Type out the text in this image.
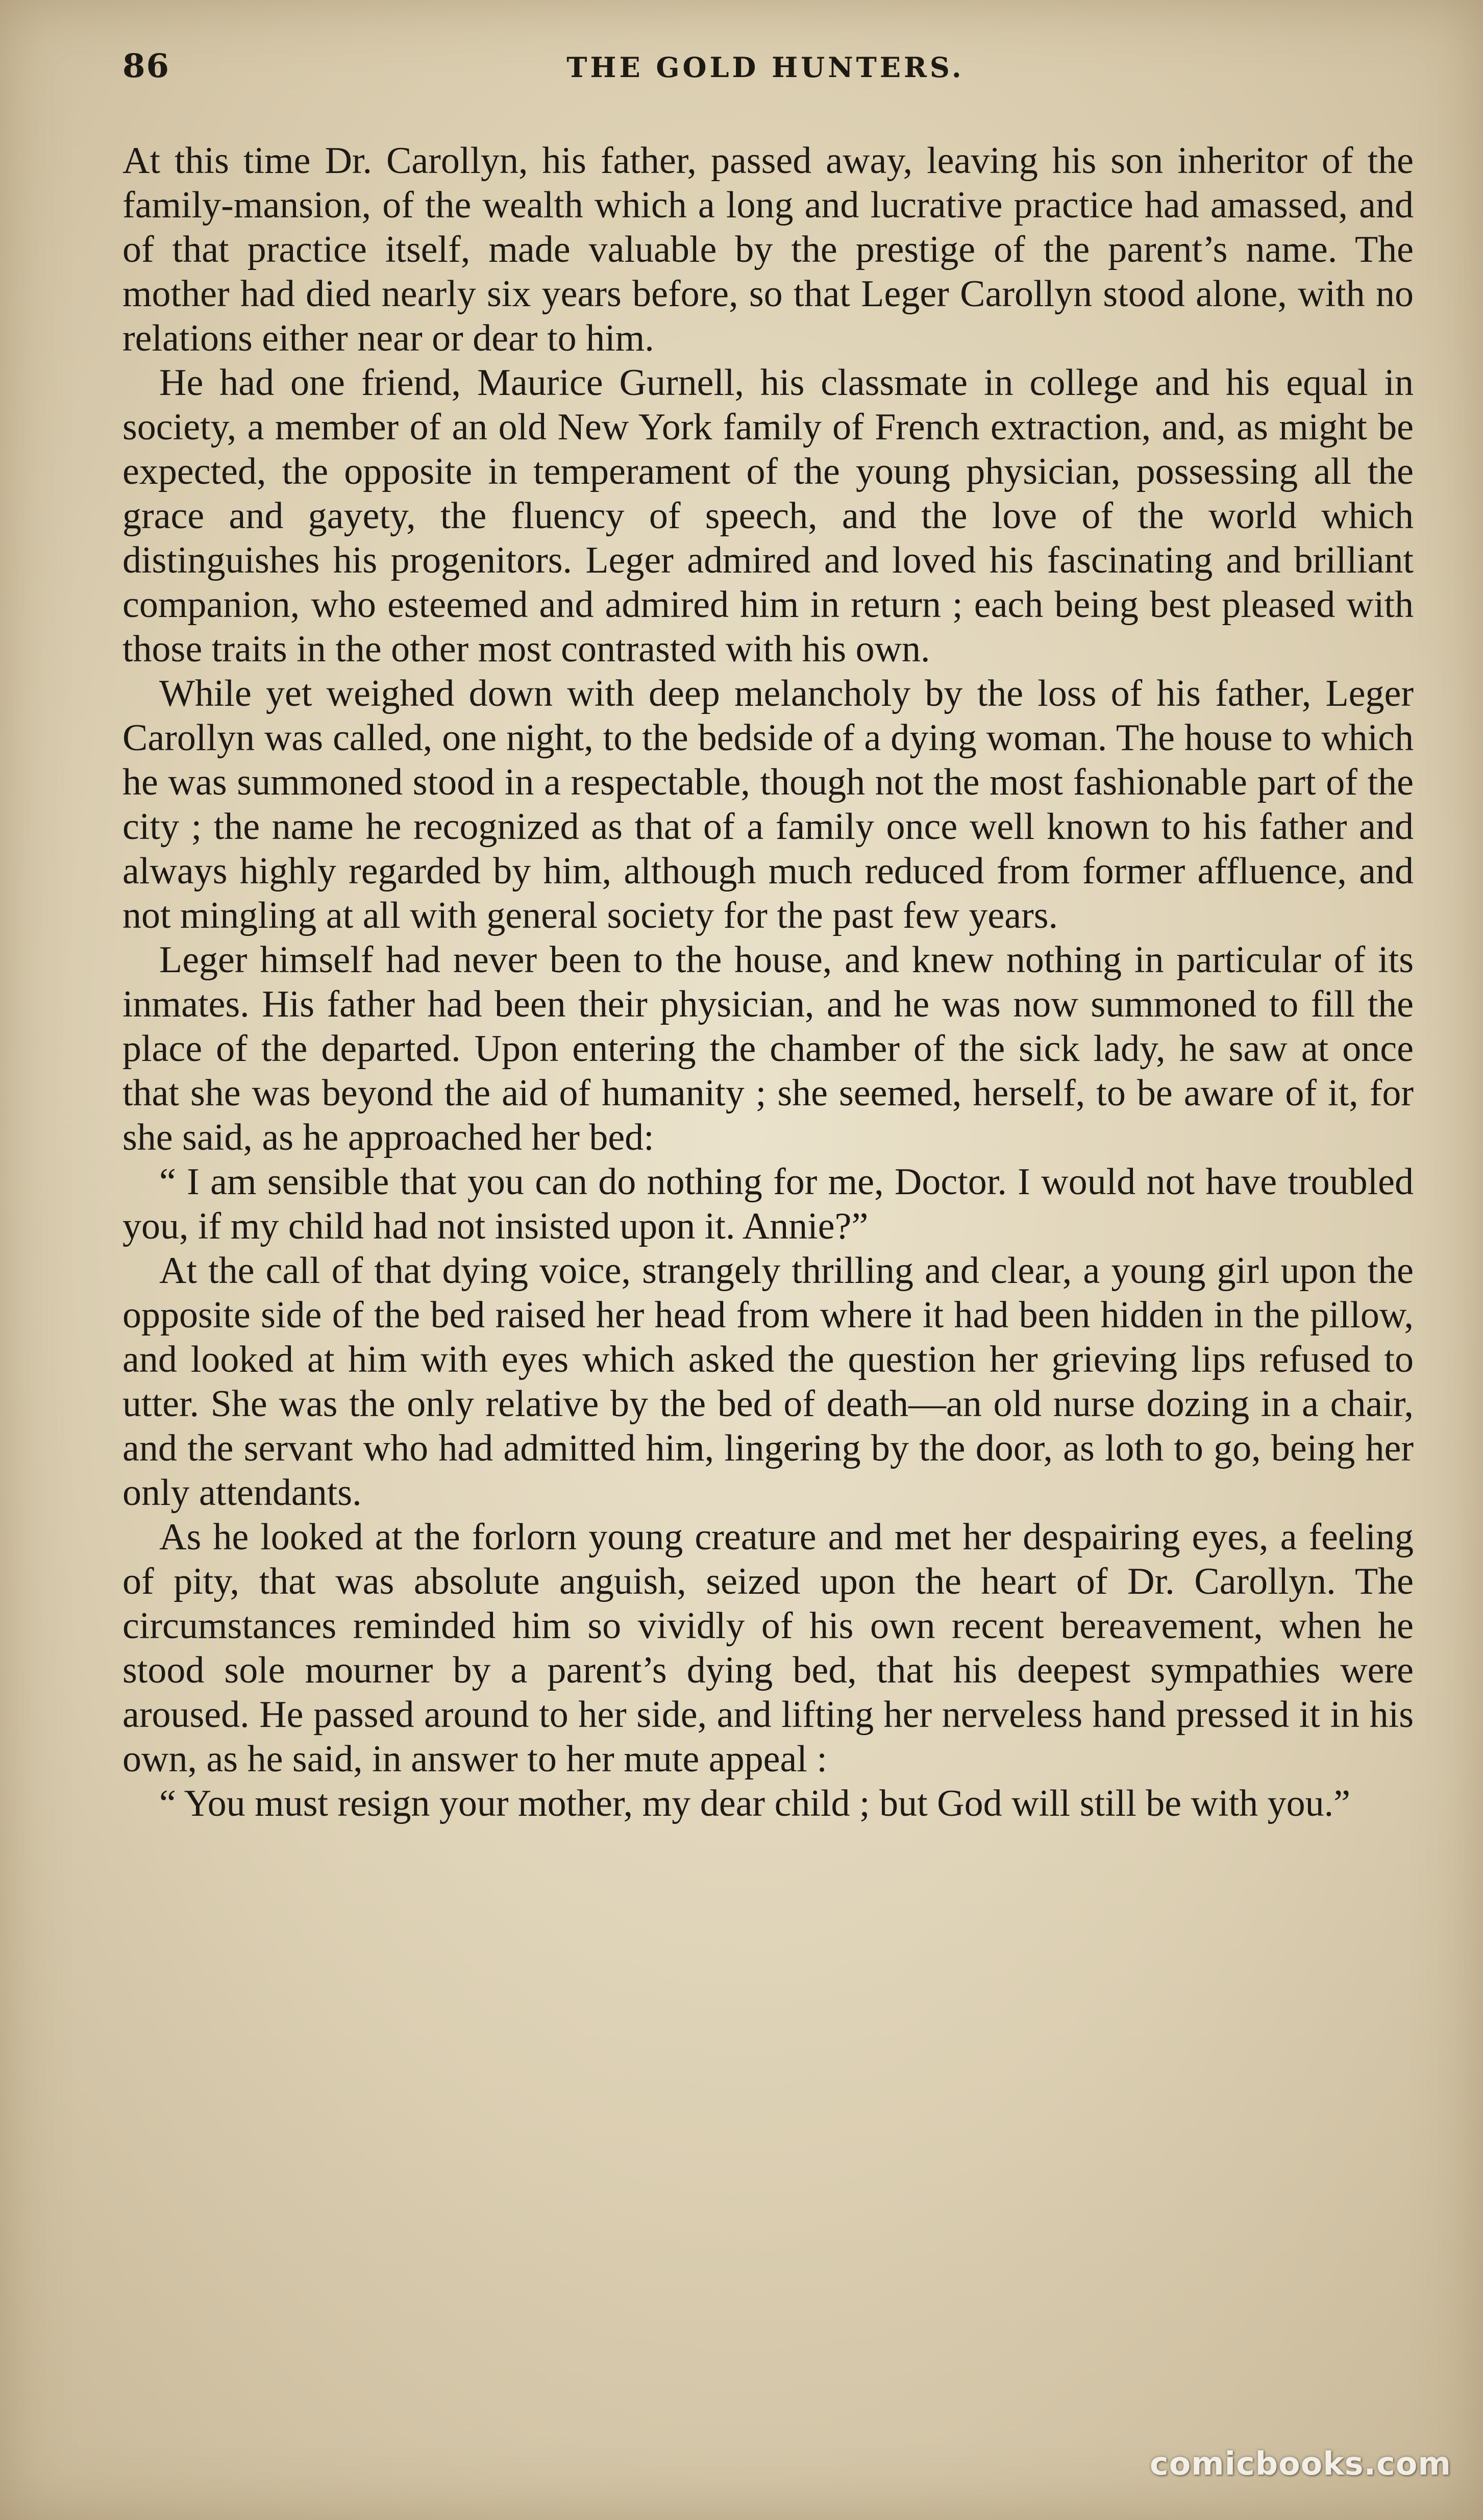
86	THE GOLD HUNTERS.

At this time Dr. Carollyn, his father, passed away, leaving his son inheritor of the family-mansion, of the wealth which a long and lucrative practice had amassed, and of that practice itself, made valuable by the prestige of the parent’s name. The mother had died nearly six years before, so that Leger Carollyn stood alone, with no relations either near or dear to him.

He had one friend, Maurice Gurnell, his classmate in college and his equal in society, a member of an old New York family of French extraction, and, as might be expected, the opposite in temperament of the young physician, possessing all the grace and gayety, the fluency of speech, and the love of the world which distinguishes his progenitors. Leger admired and loved his fascinating and brilliant companion, who esteemed and admired him in return ; each being best pleased with those traits in the other most contrasted with his own.

While yet weighed down with deep melancholy by the loss of his father, Leger Carollyn was called, one night, to the bedside of a dying woman. The house to which he was summoned stood in a respectable, though not the most fashionable part of the city ; the name he recognized as that of a family once well known to his father and always highly regarded by him, although much reduced from former affluence, and not mingling at all with general society for the past few years.

Leger himself had never been to the house, and knew nothing in particular of its inmates. His father had been their physician, and he was now summoned to fill the place of the departed. Upon entering the chamber of the sick lady, he saw at once that she was beyond the aid of humanity ; she seemed, herself, to be aware of it, for she said, as he approached her bed:

“ I am sensible that you can do nothing for me, Doctor. I would not have troubled you, if my child had not insisted upon it. Annie?”

At the call of that dying voice, strangely thrilling and clear, a young girl upon the opposite side of the bed raised her head from where it had been hidden in the pillow, and looked at him with eyes which asked the question her grieving lips refused to utter. She was the only relative by the bed of death—an old nurse dozing in a chair, and the servant who had admitted him, lingering by the door, as loth to go, being her only attendants.

As he looked at the forlorn young creature and met her despairing eyes, a feeling of pity, that was absolute anguish, seized upon the heart of Dr. Carollyn. The circumstances reminded him so vividly of his own recent bereavement, when he stood sole mourner by a parent’s dying bed, that his deepest sympathies were aroused. He passed around to her side, and lifting her nerveless hand pressed it in his own, as he said, in answer to her mute appeal :

“ You must resign your mother, my dear child ; but God will still be with you.”

comicbooks.com
